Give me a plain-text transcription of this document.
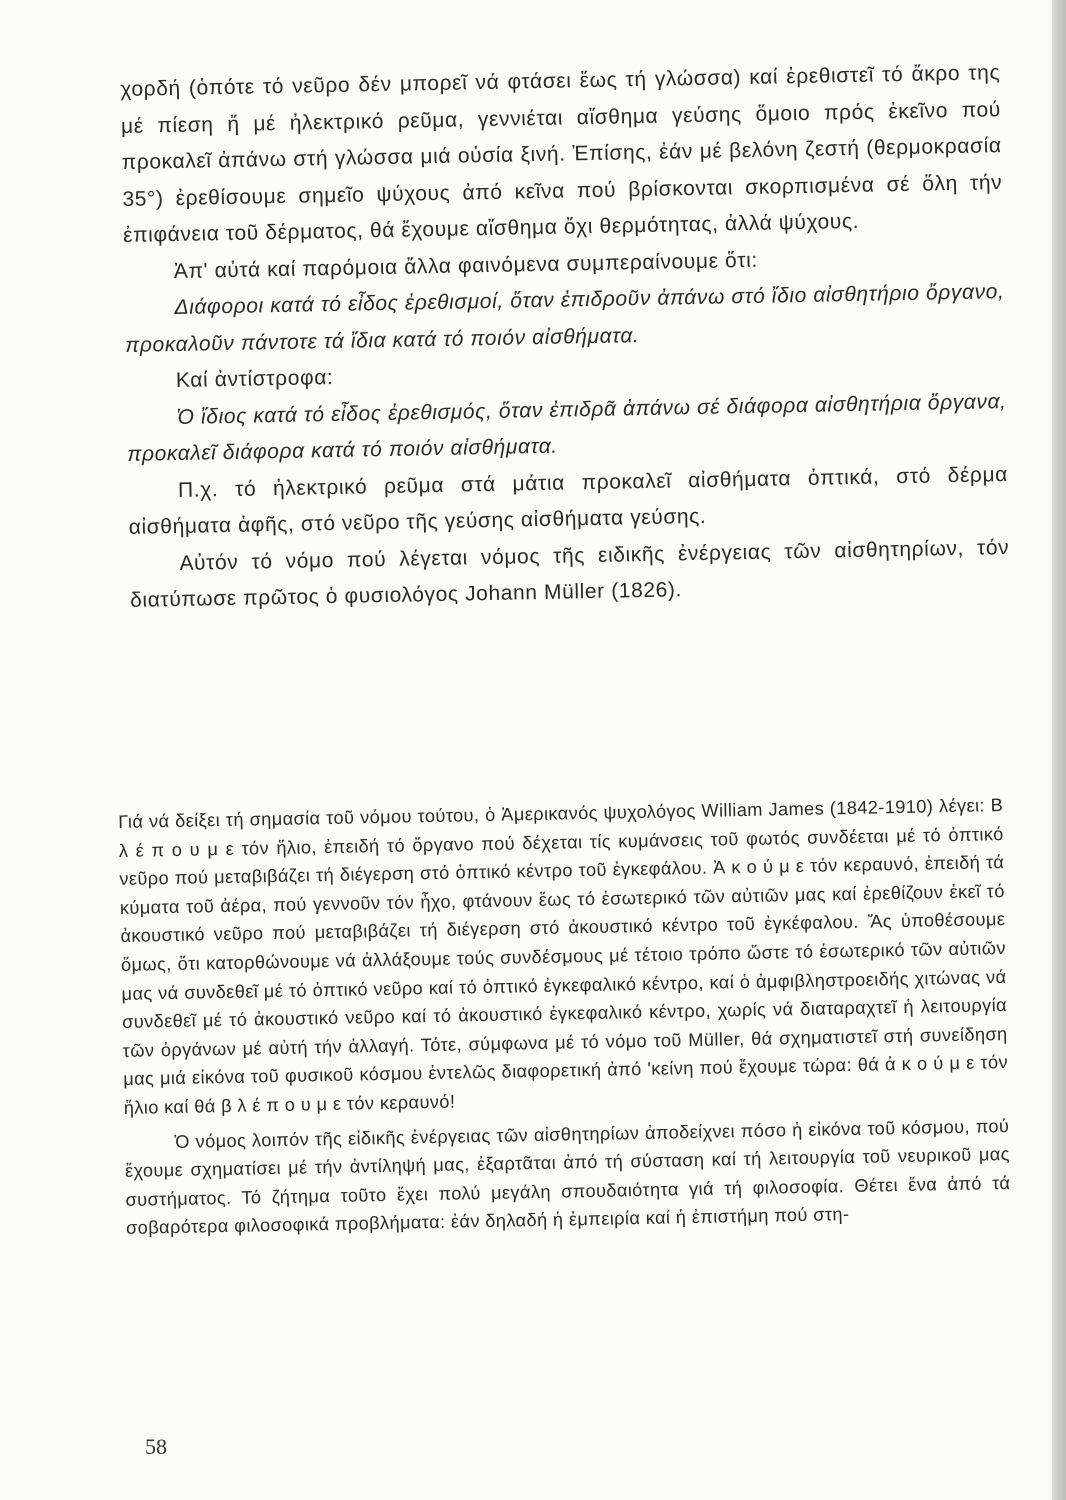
χορδή (ὁπότε τό νεῦρο δέν μπορεῖ νά φτάσει ἕως τή γλώσσα) καί ἐρεθιστεῖ τό ἄκρο της μέ πίεση ἤ μέ ἠλεκτρικό ρεῦμα, γεννιέται αἴσθημα γεύσης ὅμοιο πρός ἐκεῖνο πού προκαλεῖ ἀπάνω στή γλώσσα μιά οὐσία ξινή. Ἐπίσης, ἐάν μέ βελόνη ζεστή (θερμοκρασία 35°) ἐρεθίσουμε σημεῖο ψύχους ἀπό κεῖνα πού βρίσκονται σκορπισμένα σέ ὅλη τήν ἐπιφάνεια τοῦ δέρματος, θά ἔχουμε αἴσθημα ὄχι θερμότητας, ἀλλά ψύχους.

Ἀπ' αὐτά καί παρόμοια ἄλλα φαινόμενα συμπεραίνουμε ὅτι:

Διάφοροι κατά τό εἶδος ἐρεθισμοί, ὅταν ἐπιδροῦν ἀπάνω στό ἴδιο αἰσθητήριο ὄργανο, προκαλοῦν πάντοτε τά ἴδια κατά τό ποιόν αἰσθήματα.

Καί ἀντίστροφα:

Ὁ ἴδιος κατά τό εἶδος ἐρεθισμός, ὅταν ἐπιδρᾶ ἀπάνω σέ διάφορα αἰσθητήρια ὄργανα, προκαλεῖ διάφορα κατά τό ποιόν αἰσθήματα.

Π.χ. τό ἠλεκτρικό ρεῦμα στά μάτια προκαλεῖ αἰσθήματα ὀπτικά, στό δέρμα αἰσθήματα ἁφῆς, στό νεῦρο τῆς γεύσης αἰσθήματα γεύσης.

Αὐτόν τό νόμο πού λέγεται νόμος τῆς ειδικῆς ἐνέργειας τῶν αἰσθητηρίων, τόν διατύπωσε πρῶτος ὁ φυσιολόγος Johann Müller (1826).

Γιά νά δείξει τή σημασία τοῦ νόμου τούτου, ὁ Ἀμερικανός ψυχολόγος William James (1842-1910) λέγει: Β λ έ π ο υ μ ε τόν ἥλιο, ἐπειδή τό ὄργανο πού δέχεται τίς κυμάνσεις τοῦ φωτός συνδέεται μέ τό ὀπτικό νεῦρο πού μεταβιβάζει τή διέγερση στό ὀπτικό κέντρο τοῦ ἐγκεφάλου. Ἀ κ ο ύ μ ε τόν κεραυνό, ἐπειδή τά κύματα τοῦ ἀέρα, πού γεννοῦν τόν ἦχο, φτάνουν ἕως τό ἐσωτερικό τῶν αὐτιῶν μας καί ἐρεθίζουν ἐκεῖ τό ἀκουστικό νεῦρο πού μεταβιβάζει τή διέγερση στό ἀκουστικό κέντρο τοῦ ἐγκέφαλου. Ἄς ὑποθέσουμε ὅμως, ὅτι κατορθώνουμε νά ἀλλάξουμε τούς συνδέσμους μέ τέτοιο τρόπο ὥστε τό ἐσωτερικό τῶν αὐτιῶν μας νά συνδεθεῖ μέ τό ὀπτικό νεῦρο καί τό ὀπτικό ἐγκεφαλικό κέντρο, καί ὁ ἀμφιβληστροειδής χιτώνας νά συνδεθεῖ μέ τό ἀκουστικό νεῦρο καί τό ἀκουστικό ἐγκεφαλικό κέντρο, χωρίς νά διαταραχτεῖ ἡ λειτουργία τῶν ὀργάνων μέ αὐτή τήν ἀλλαγή. Τότε, σύμφωνα μέ τό νόμο τοῦ Müller, θά σχηματιστεῖ στή συνείδηση μας μιά εἰκόνα τοῦ φυσικοῦ κόσμου ἐντελῶς διαφορετική ἀπό 'κείνη πού ἔχουμε τώρα: θά ἀ κ ο ύ μ ε τόν ἥλιο καί θά β λ έ π ο υ μ ε τόν κεραυνό!

Ὁ νόμος λοιπόν τῆς εἰδικῆς ἐνέργειας τῶν αἰσθητηρίων ἀποδείχνει πόσο ἡ εἰκόνα τοῦ κόσμου, πού ἔχουμε σχηματίσει μέ τήν ἀντίληψή μας, ἐξαρτᾶται ἀπό τή σύσταση καί τή λειτουργία τοῦ νευρικοῦ μας συστήματος. Τό ζήτημα τοῦτο ἔχει πολύ μεγάλη σπουδαιότητα γιά τή φιλοσοφία. Θέτει ἕνα ἀπό τά σοβαρότερα φιλοσοφικά προβλήματα: ἐάν δηλαδή ἡ ἐμπειρία καί ἡ ἐπιστήμη πού στη-

58
